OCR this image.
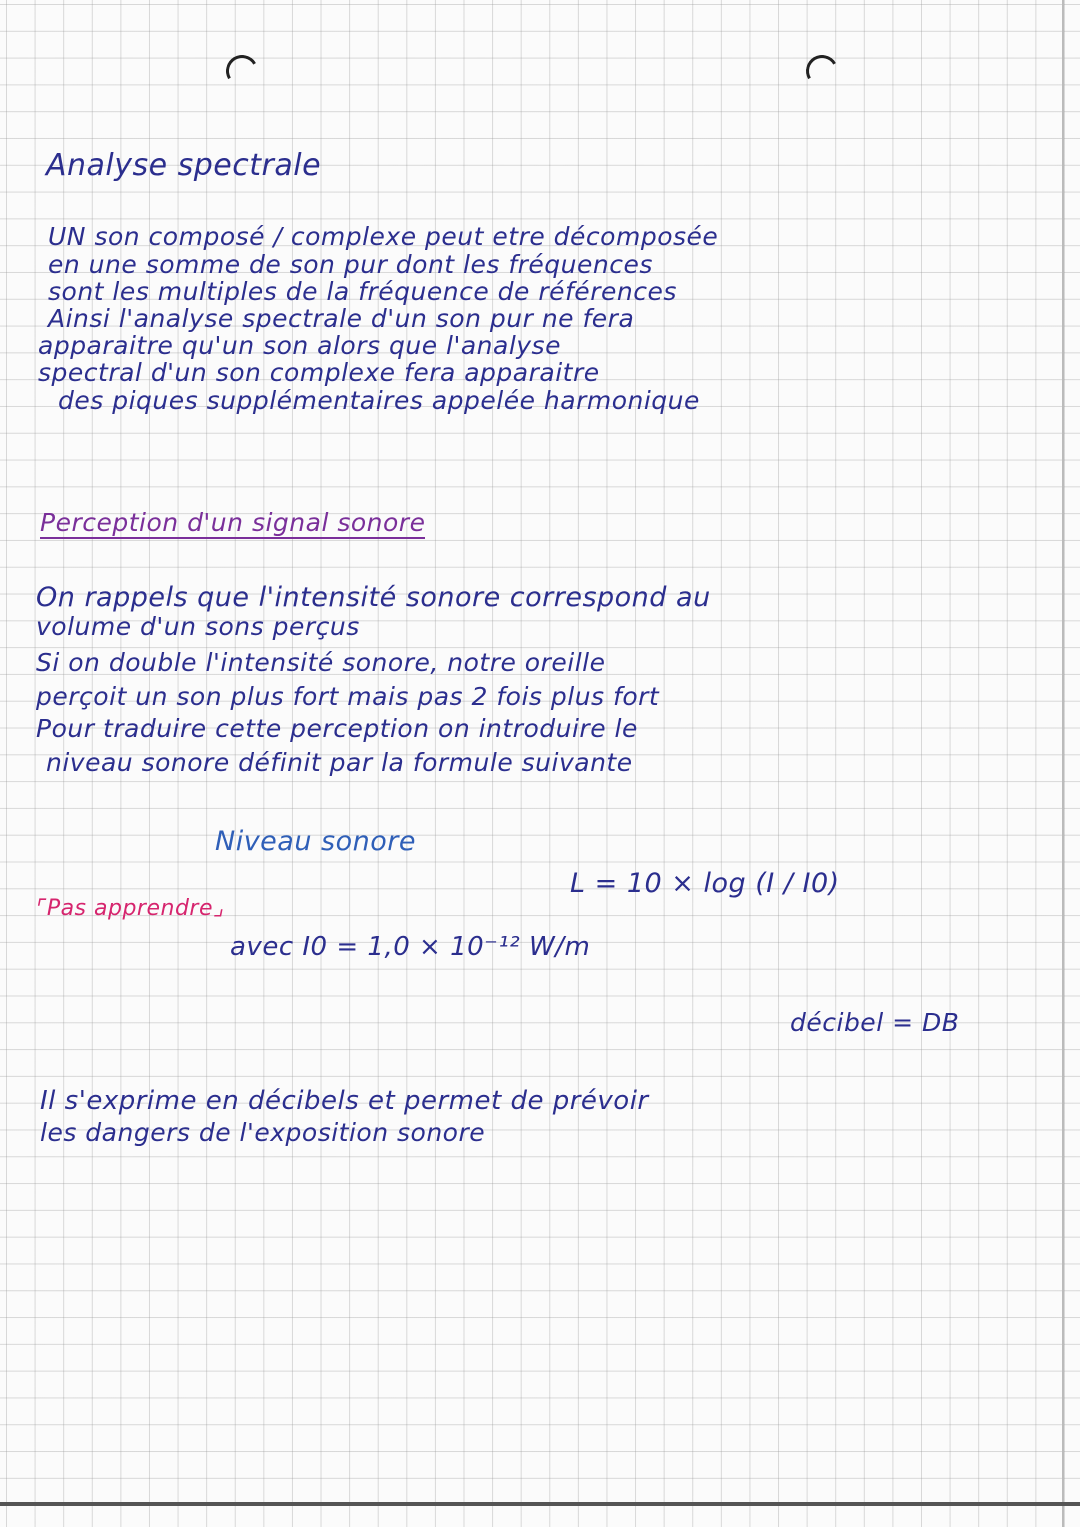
Analyse spectrale
UN son composé / complexe peut etre décomposée
en une somme de son pur dont les fréquences
sont les multiples de la fréquence de références
Ainsi l'analyse spectrale d'un son pur ne fera
apparaitre qu'un son alors que l'analyse
spectral d'un son complexe fera apparaitre
des piques supplémentaires appelée harmonique
Perception d'un signal sonore
On rappels que l'intensité sonore correspond au
volume d'un sons perçus
Si on double l'intensité sonore, notre oreille
perçoit un son plus fort mais pas 2 fois plus fort
Pour traduire cette perception on introduire le
niveau sonore définit par la formule suivante
Niveau sonore
L = 10 × log (I / I0)
⌜Pas apprendre⌟
avec I0 = 1,0 × 10⁻¹² W/m
décibel = DB
Il s'exprime en décibels et permet de prévoir
les dangers de l'exposition sonore
